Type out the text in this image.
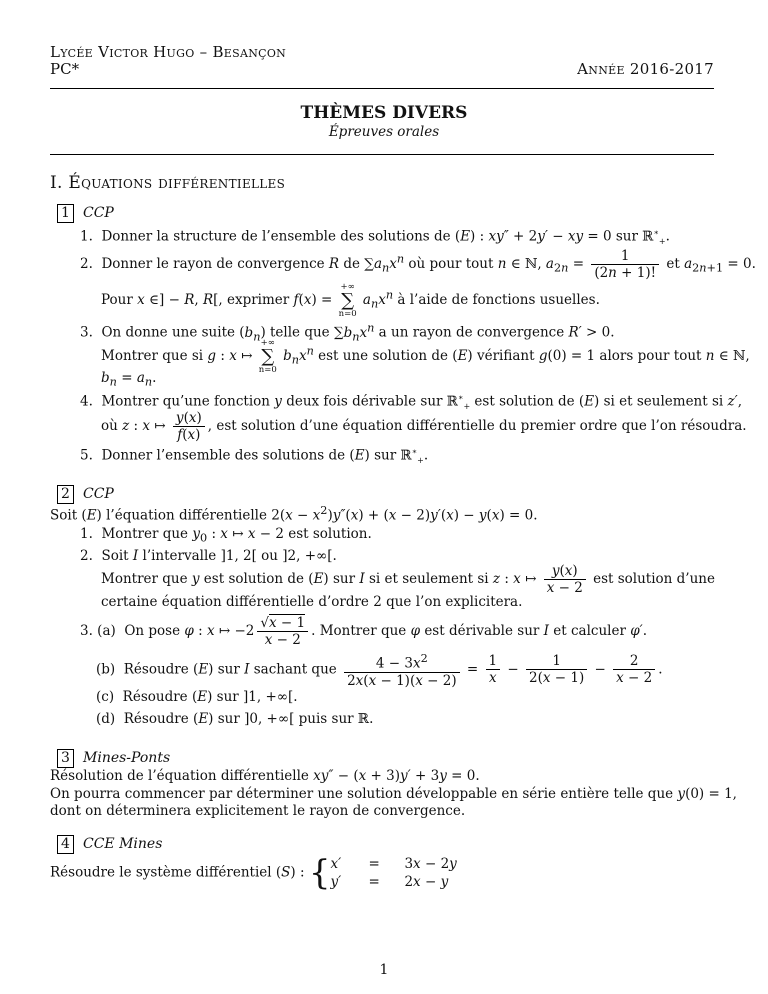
Lycée Victor Hugo – Besançon
PC*	Année 2016-2017
THÈMES DIVERS
Épreuves orales
I. Équations différentielles
1 CCP
1.  Donner la structure de l’ensemble des solutions de (E) : xy″ + 2y′ − xy = 0 sur ℝ∗$_+$.
2.  Donner le rayon de convergence R de $\sum a_nx^n$ où pour tout n ∈ ℕ, $a_{2n} = \frac{1}{(2n + 1)!}$ et $a_{2n+1} = 0$.
Pour x ∈] − R, R[, exprimer f(x) =
+∞
∑
n=0
$a_nx^n$ à l’aide de fonctions usuelles.
3.  On donne une suite $(b_n)$ telle que $\sum b_nx^n$ a un rayon de convergence R′ > 0.
Montrer que si g : x ↦
+∞
∑
n=0
$b_nx^n$ est une solution de (E) vérifiant g(0) = 1 alors pour tout n ∈ ℕ,
$b_n = a_n$.
4.  Montrer qu’une fonction y deux fois dérivable sur ℝ∗$_+$ est solution de (E) si et seulement si z′,
où z : x ↦ $\frac{y(x)}{f(x)}$ , est solution d’une équation différentielle du premier ordre que l’on résoudra.
5.  Donner l’ensemble des solutions de (E) sur ℝ∗$_+$.
2 CCP
Soit (E) l’équation différentielle $2(x - x^2)y''(x) + (x - 2)y'(x) - y(x) = 0$.
1.  Montrer que $y_0$ : x ↦ x − 2 est solution.
2.  Soit I l’intervalle ]1, 2[ ou ]2, +∞[.
Montrer que y est solution de (E) sur I si et seulement si z : x ↦ $\frac{y(x)}{x - 2}$ est solution d’une
certaine équation différentielle d’ordre 2 que l’on explicitera.
3. (a)  On pose φ : x ↦ $-2 \frac{√x - 1}{x - 2}$ . Montrer que φ est dérivable sur I et calculer φ′.
(b)  Résoudre (E) sur I sachant que $\frac{4 - 3x^2}{2x(x - 1)(x - 2)} = \frac{1}{x} - \frac{1}{2(x - 1)} - \frac{2}{x - 2}$ .
(c)  Résoudre (E) sur ]1, +∞[.
(d)  Résoudre (E) sur ]0, +∞[ puis sur ℝ.
3 Mines-Ponts
Résolution de l’équation différentielle xy″ − (x + 3)y′ + 3y = 0.
On pourra commencer par déterminer une solution développable en série entière telle que y(0) = 1,
dont on déterminera explicitement le rayon de convergence.
4 CCE Mines
Résoudre le système différentiel (S) : {x′ = 3x − 2y
y′ = 2x − y
1
